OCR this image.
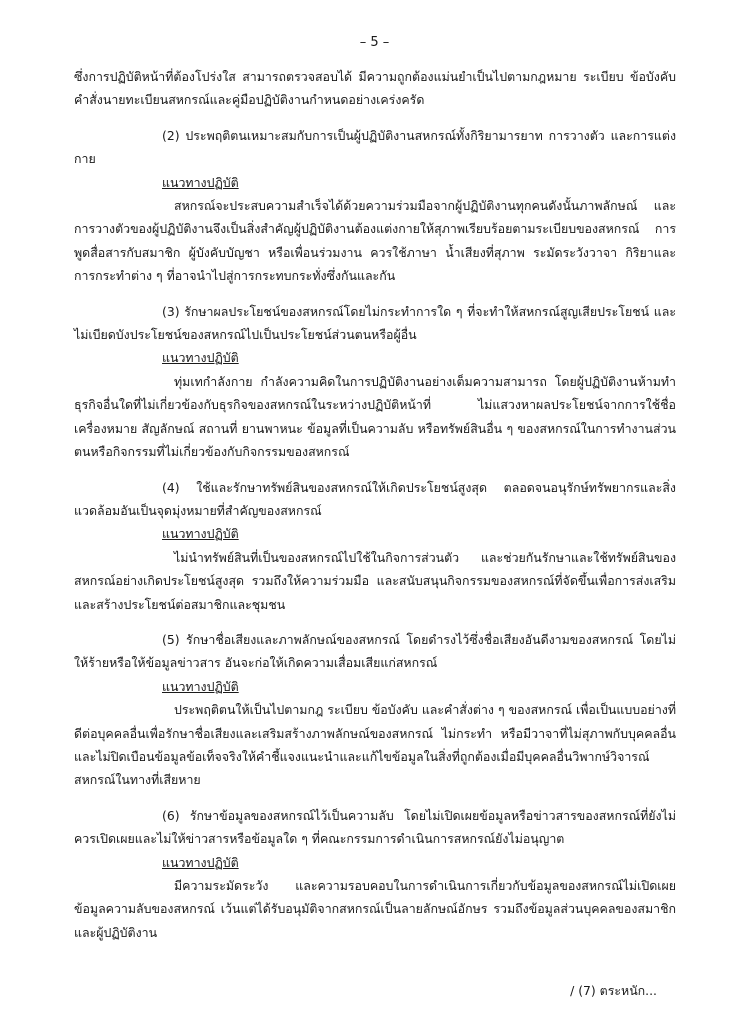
– 5 –

ซึ่งการปฏิบัติหน้าที่ต้องโปร่งใส สามารถตรวจสอบได้ มีความถูกต้องแม่นยำเป็นไปตามกฎหมาย ระเบียบ ข้อบังคับ คำสั่งนายทะเบียนสหกรณ์และคู่มือปฏิบัติงานกำหนดอย่างเคร่งครัด

(2) ประพฤติตนเหมาะสมกับการเป็นผู้ปฏิบัติงานสหกรณ์ทั้งกิริยามารยาท การวางตัว และการแต่งกาย

แนวทางปฏิบัติ

สหกรณ์จะประสบความสำเร็จได้ด้วยความร่วมมือจากผู้ปฏิบัติงานทุกคนดังนั้นภาพลักษณ์ และการวางตัวของผู้ปฏิบัติงานจึงเป็นสิ่งสำคัญผู้ปฏิบัติงานต้องแต่งกายให้สุภาพเรียบร้อยตามระเบียบของสหกรณ์ การพูดสื่อสารกับสมาชิก ผู้บังคับบัญชา หรือเพื่อนร่วมงาน ควรใช้ภาษา น้ำเสียงที่สุภาพ ระมัดระวังวาจา กิริยาและการกระทำต่าง ๆ ที่อาจนำไปสู่การกระทบกระทั่งซึ่งกันและกัน

(3) รักษาผลประโยชน์ของสหกรณ์โดยไม่กระทำการใด ๆ ที่จะทำให้สหกรณ์สูญเสียประโยชน์ และไม่เบียดบังประโยชน์ของสหกรณ์ไปเป็นประโยชน์ส่วนตนหรือผู้อื่น

แนวทางปฏิบัติ

ทุ่มเทกำลังกาย กำลังความคิดในการปฏิบัติงานอย่างเต็มความสามารถ โดยผู้ปฏิบัติงานห้ามทำธุรกิจอื่นใดที่ไม่เกี่ยวข้องกับธุรกิจของสหกรณ์ในระหว่างปฏิบัติหน้าที่ ไม่แสวงหาผลประโยชน์จากการใช้ชื่อ เครื่องหมาย สัญลักษณ์ สถานที่ ยานพาหนะ ข้อมูลที่เป็นความลับ หรือทรัพย์สินอื่น ๆ ของสหกรณ์ในการทำงานส่วนตนหรือกิจกรรมที่ไม่เกี่ยวข้องกับกิจกรรมของสหกรณ์

(4) ใช้และรักษาทรัพย์สินของสหกรณ์ให้เกิดประโยชน์สูงสุด ตลอดจนอนุรักษ์ทรัพยากรและสิ่งแวดล้อมอันเป็นจุดมุ่งหมายที่สำคัญของสหกรณ์

แนวทางปฏิบัติ

ไม่นำทรัพย์สินที่เป็นของสหกรณ์ไปใช้ในกิจการส่วนตัว และช่วยกันรักษาและใช้ทรัพย์สินของสหกรณ์อย่างเกิดประโยชน์สูงสุด รวมถึงให้ความร่วมมือ และสนับสนุนกิจกรรมของสหกรณ์ที่จัดขึ้นเพื่อการส่งเสริมและสร้างประโยชน์ต่อสมาชิกและชุมชน

(5) รักษาชื่อเสียงและภาพลักษณ์ของสหกรณ์ โดยดำรงไว้ซึ่งชื่อเสียงอันดีงามของสหกรณ์ โดยไม่ให้ร้ายหรือให้ข้อมูลข่าวสาร อันจะก่อให้เกิดความเสื่อมเสียแก่สหกรณ์

แนวทางปฏิบัติ

ประพฤติตนให้เป็นไปตามกฎ ระเบียบ ข้อบังคับ และคำสั่งต่าง ๆ ของสหกรณ์ เพื่อเป็นแบบอย่างที่ดีต่อบุคคลอื่นเพื่อรักษาชื่อเสียงและเสริมสร้างภาพลักษณ์ของสหกรณ์ ไม่กระทำ หรือมีวาจาที่ไม่สุภาพกับบุคคลอื่น และไม่ปิดเบือนข้อมูลข้อเท็จจริงให้คำชี้แจงแนะนำและแก้ไขข้อมูลในสิ่งที่ถูกต้องเมื่อมีบุคคลอื่นวิพากษ์วิจารณ์สหกรณ์ในทางที่เสียหาย

(6) รักษาข้อมูลของสหกรณ์ไว้เป็นความลับ โดยไม่เปิดเผยข้อมูลหรือข่าวสารของสหกรณ์ที่ยังไม่ควรเปิดเผยและไม่ให้ข่าวสารหรือข้อมูลใด ๆ ที่คณะกรรมการดำเนินการสหกรณ์ยังไม่อนุญาต

แนวทางปฏิบัติ

มีความระมัดระวัง และความรอบคอบในการดำเนินการเกี่ยวกับข้อมูลของสหกรณ์ไม่เปิดเผยข้อมูลความลับของสหกรณ์ เว้นแต่ได้รับอนุมัติจากสหกรณ์เป็นลายลักษณ์อักษร รวมถึงข้อมูลส่วนบุคคลของสมาชิก และผู้ปฏิบัติงาน

/ (7) ตระหนัก...
